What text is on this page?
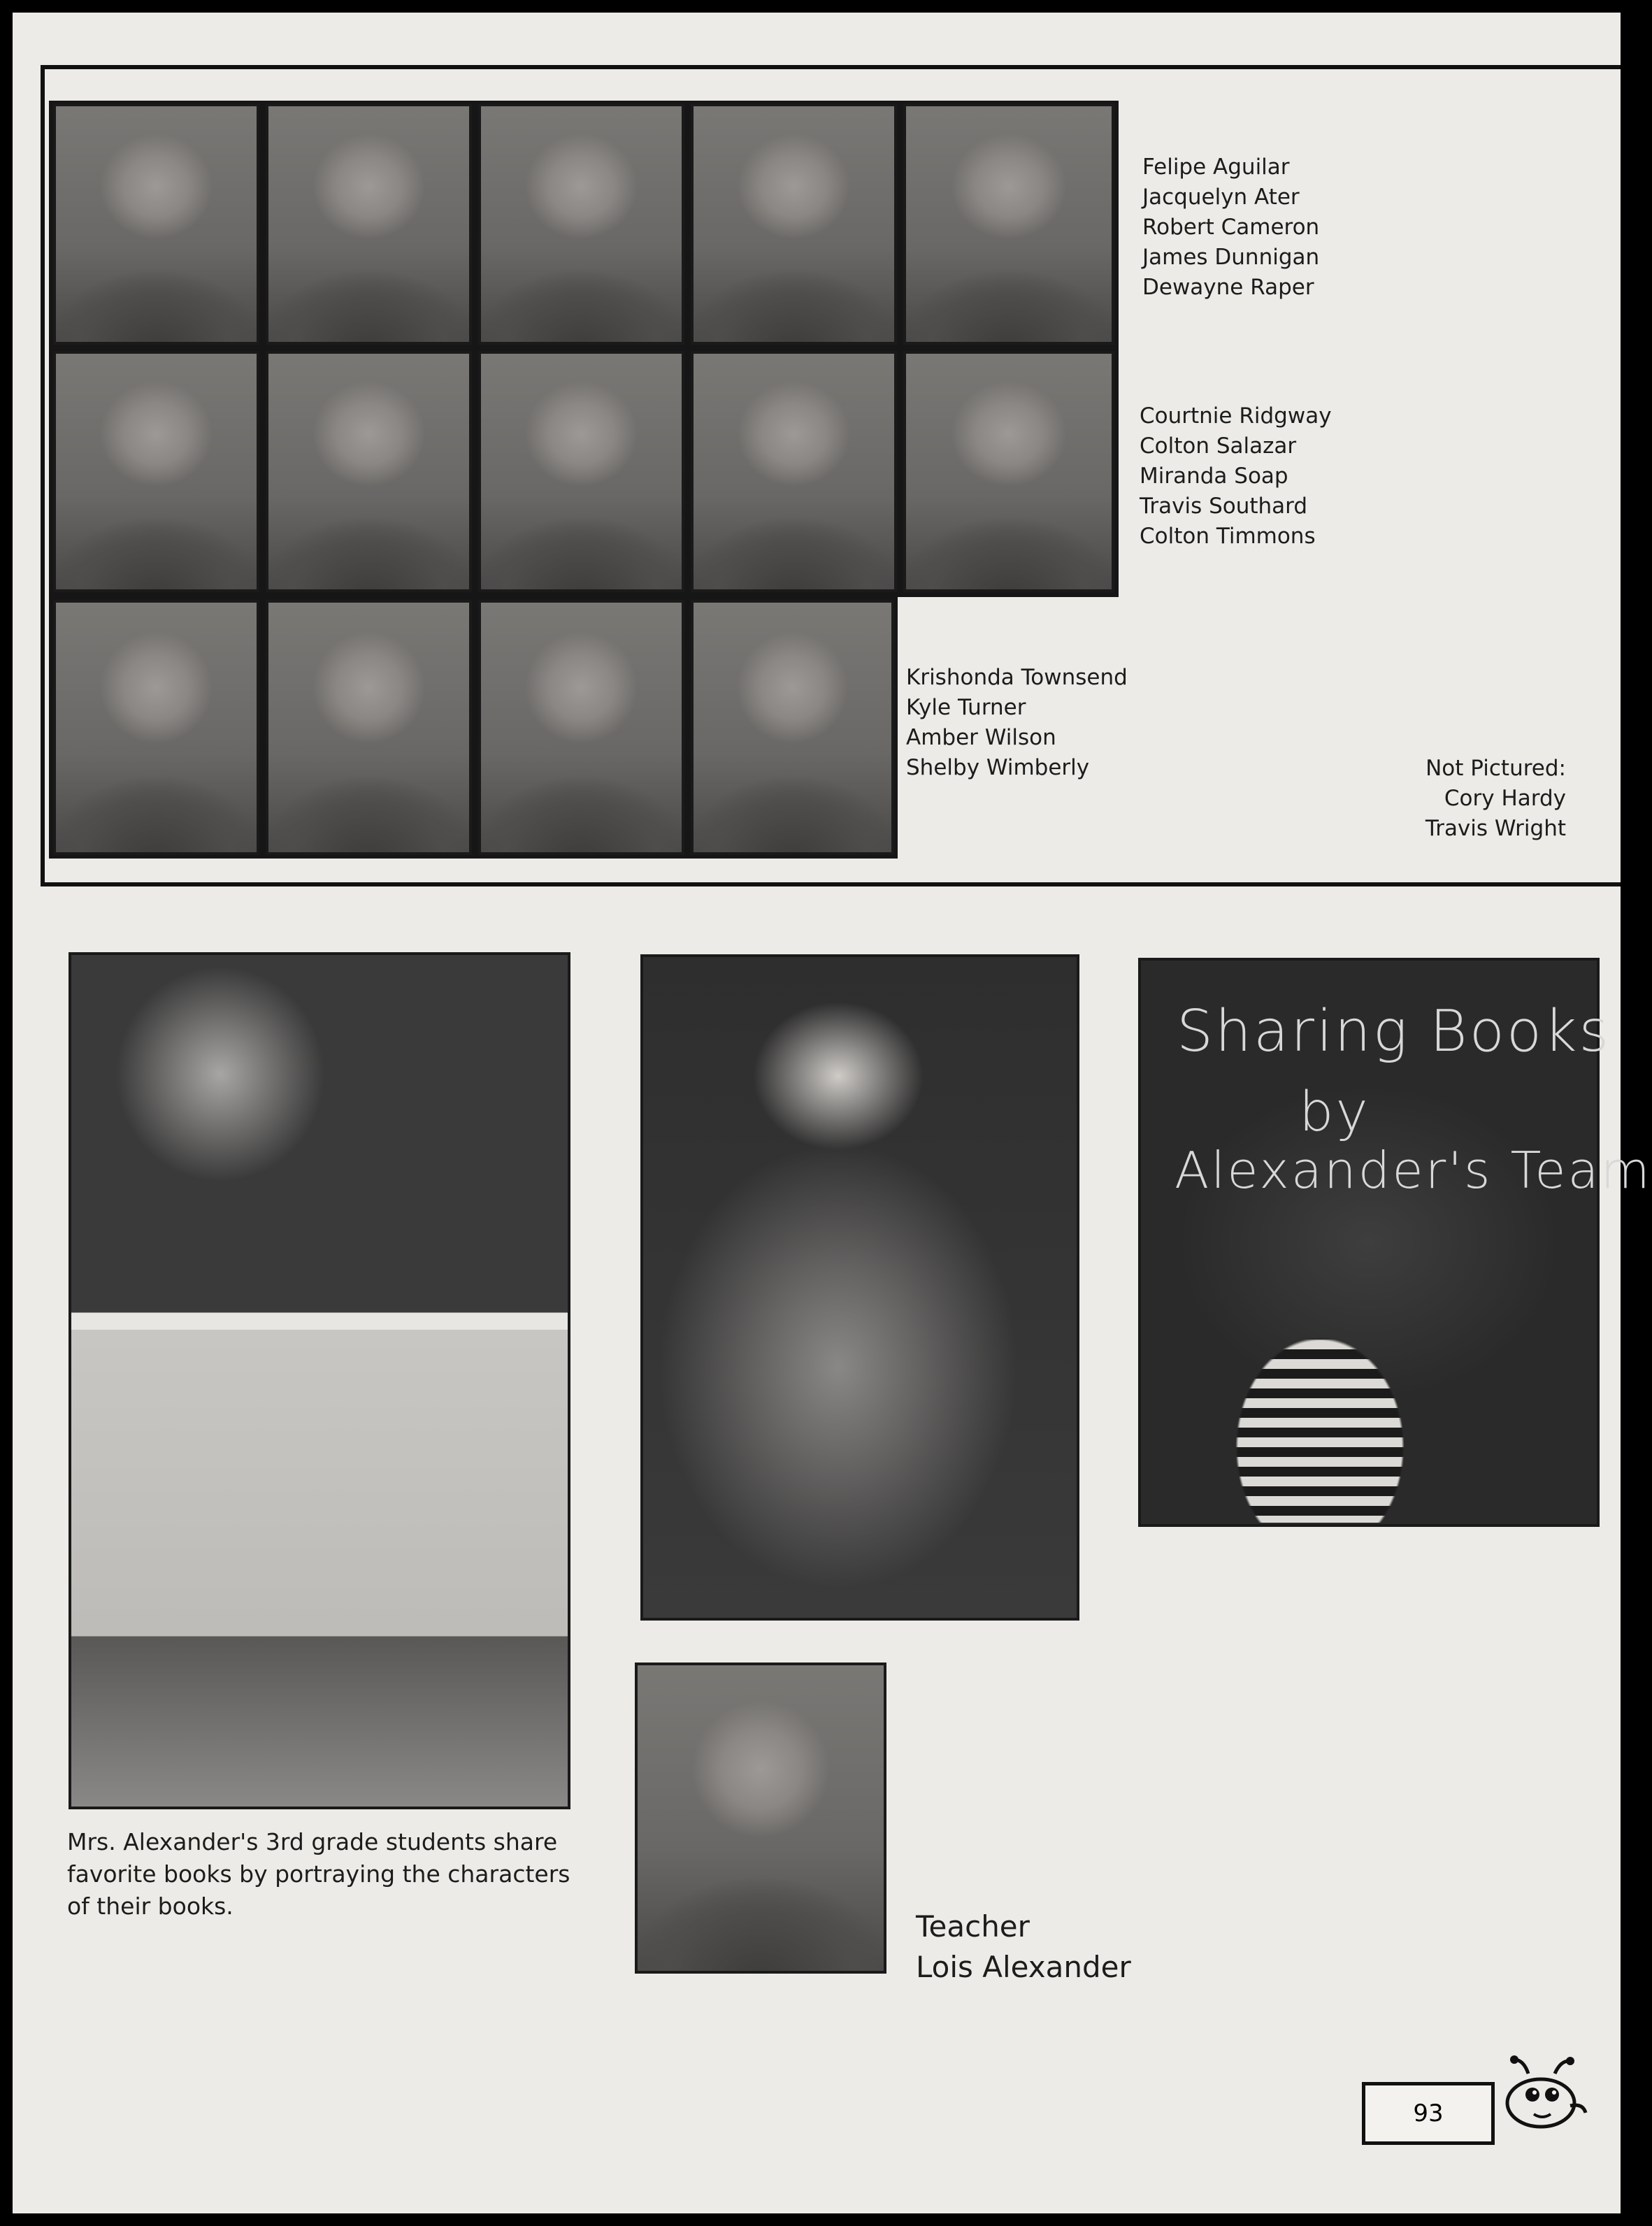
Felipe Aguilar
Jacquelyn Ater
Robert Cameron
James Dunnigan
Dewayne Raper
Courtnie Ridgway
Colton Salazar
Miranda Soap
Travis Southard
Colton Timmons
Krishonda Townsend
Kyle Turner
Amber Wilson
Shelby Wimberly	Not Pictured:
Cory Hardy
Travis Wright
Sharing Books
by
Alexander's Team
Mrs. Alexander's 3rd grade students share favorite books by portraying the characters of their books.
Teacher
Lois Alexander
93
